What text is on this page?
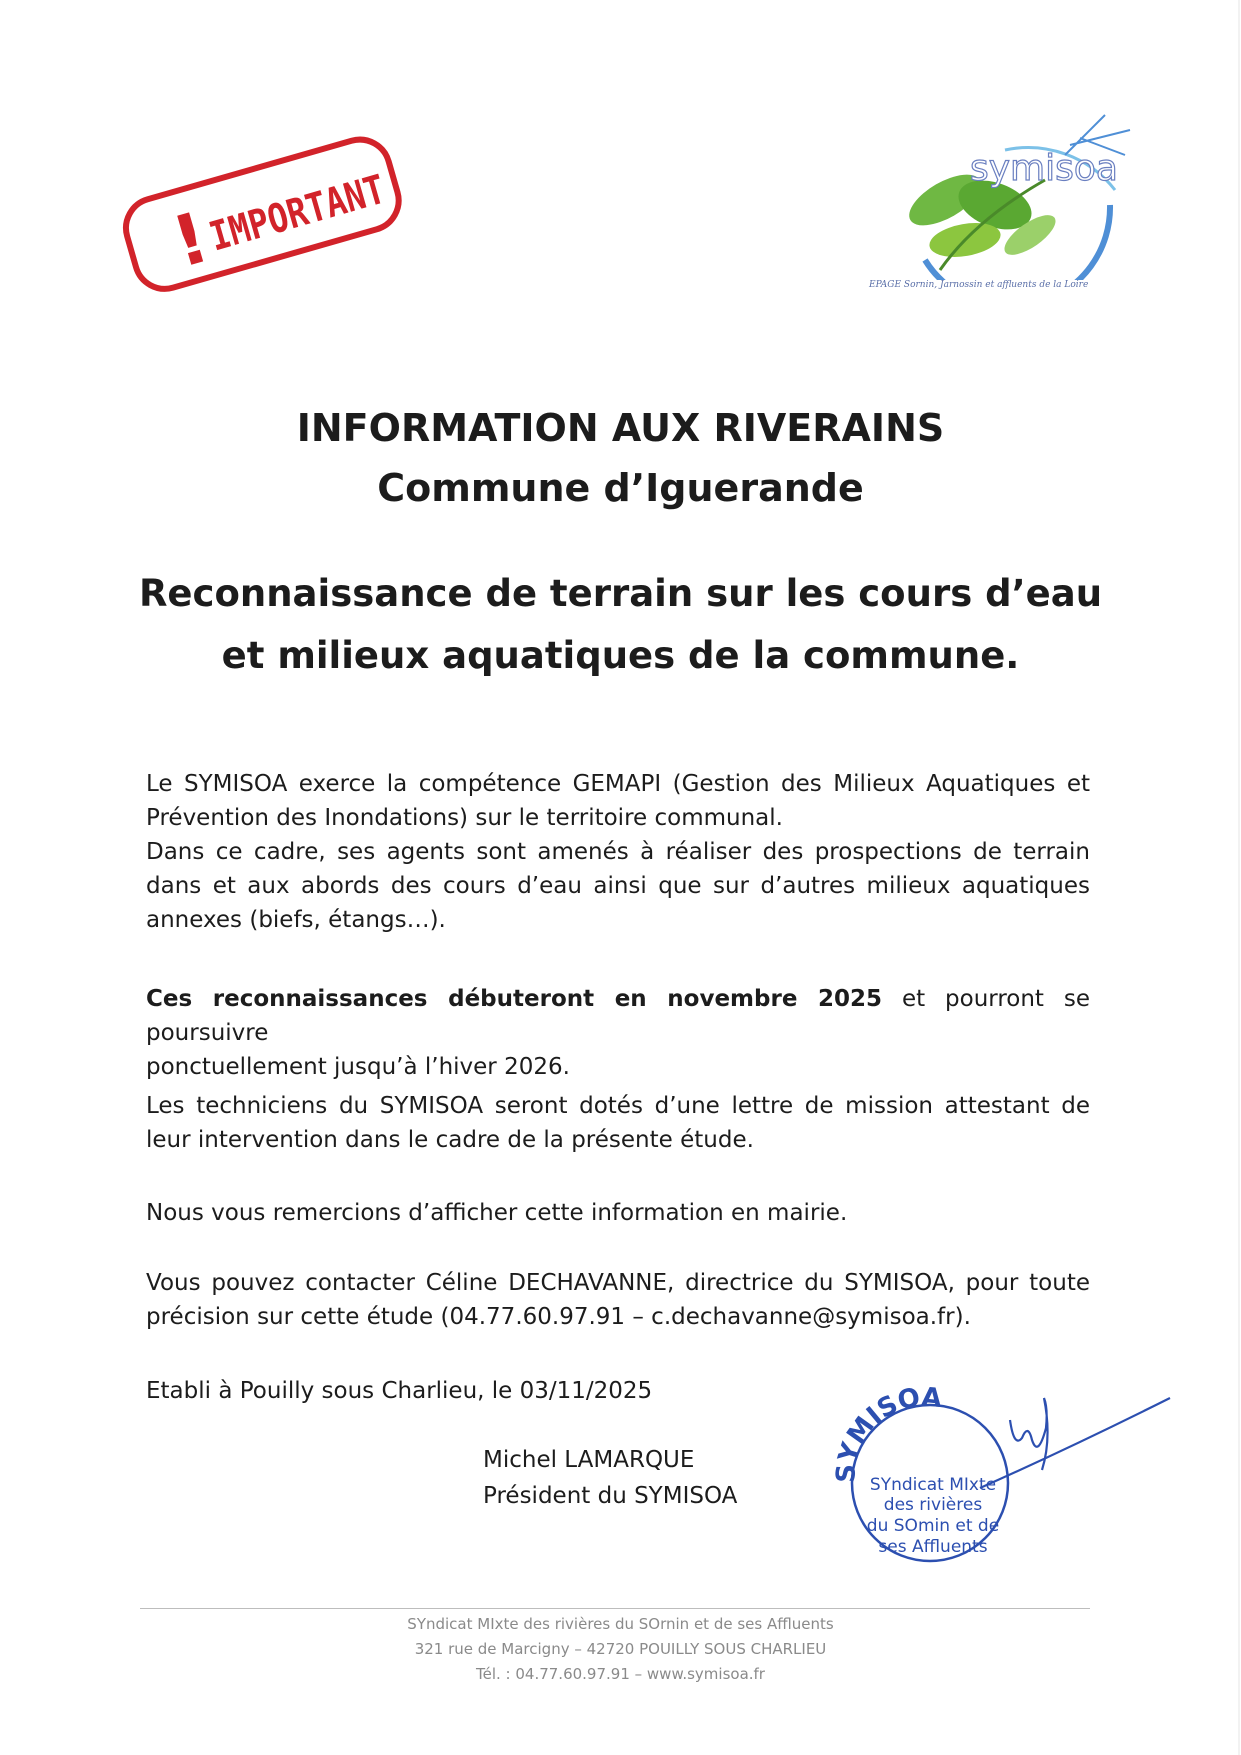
!
IMPORTANT	symisoa
EPAGE Sornin, Jarnossin et affluents de la Loire
INFORMATION AUX RIVERAINS
Commune d’Iguerande
Reconnaissance de terrain sur les cours d’eau
et milieux aquatiques de la commune.
Le SYMISOA exerce la compétence GEMAPI (Gestion des Milieux Aquatiques et
Prévention des Inondations) sur le territoire communal.
Dans ce cadre, ses agents sont amenés à réaliser des prospections de terrain
dans et aux abords des cours d’eau ainsi que sur d’autres milieux aquatiques
annexes (biefs, étangs…).
Ces reconnaissances débuteront en novembre 2025 et pourront se poursuivre
ponctuellement jusqu’à l’hiver 2026.
Les techniciens du SYMISOA seront dotés d’une lettre de mission attestant de
leur intervention dans le cadre de la présente étude.
Nous vous remercions d’afficher cette information en mairie.
Vous pouvez contacter Céline DECHAVANNE, directrice du SYMISOA, pour toute
précision sur cette étude (04.77.60.97.91 – c.dechavanne@symisoa.fr).
Etabli à Pouilly sous Charlieu, le 03/11/2025
Michel LAMARQUE
Président du SYMISOA
SYMISOA
SYndicat MIxte
des rivières
du SOmin et de
ses Affluents
SYndicat MIxte des rivières du SOrnin et de ses Affluents
321 rue de Marcigny – 42720 POUILLY SOUS CHARLIEU
Tél. : 04.77.60.97.91 – www.symisoa.fr
